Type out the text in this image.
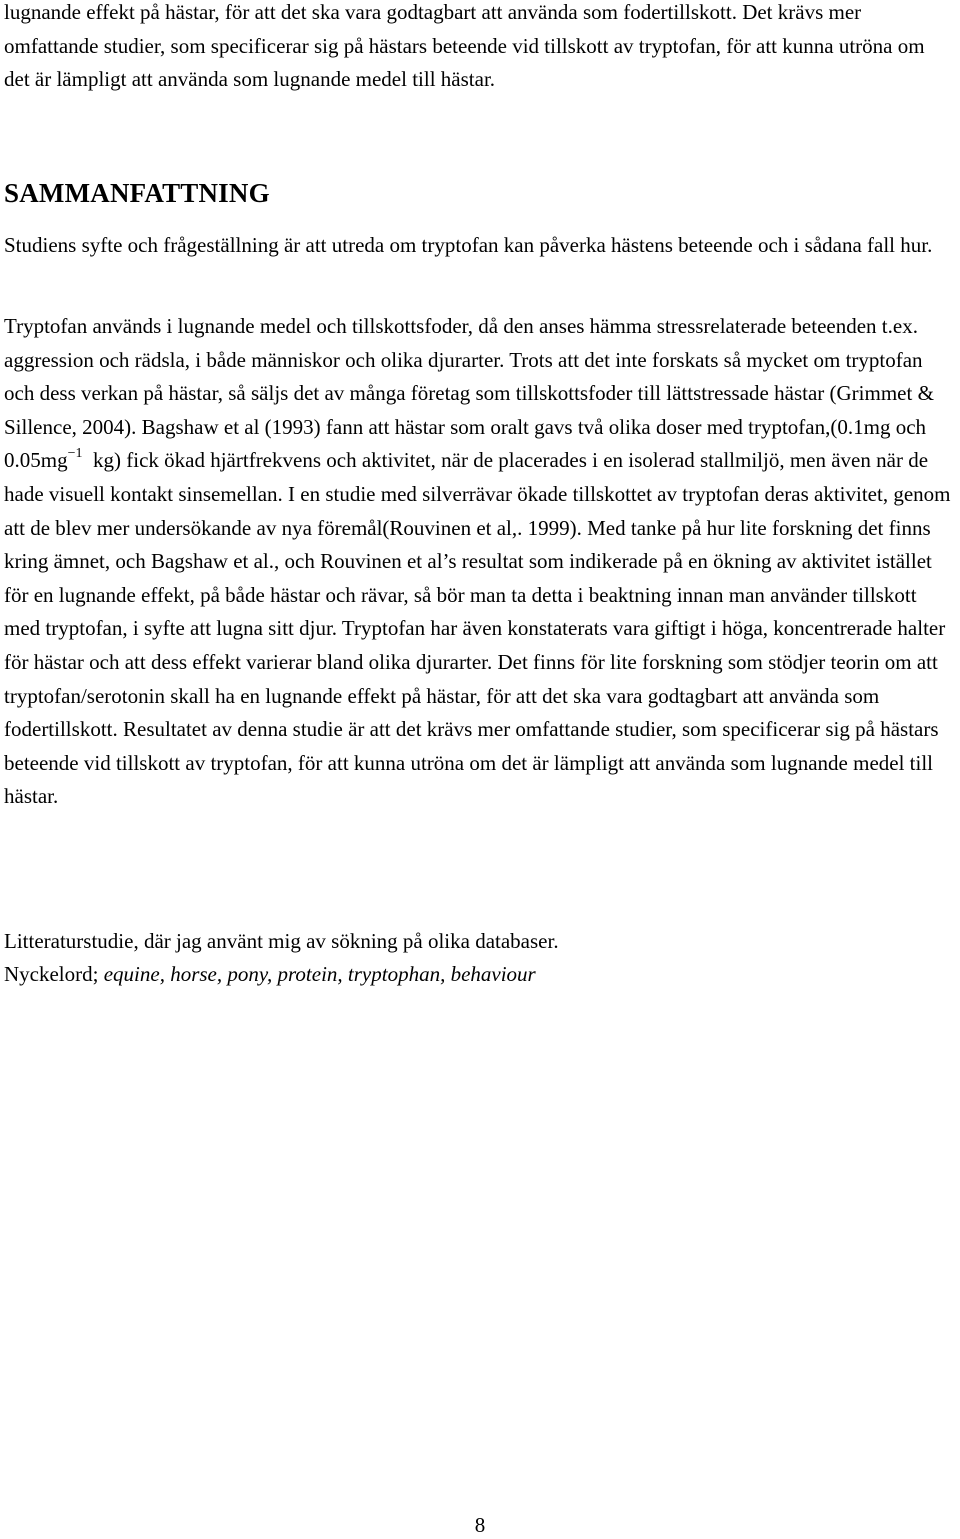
lugnande effekt på hästar, för att det ska vara godtagbart att använda som fodertillskott. Det krävs mer omfattande studier, som specificerar sig på hästars beteende vid tillskott av tryptofan, för att kunna utröna om det är lämpligt att använda som lugnande medel till hästar.

SAMMANFATTNING

Studiens syfte och frågeställning är att utreda om tryptofan kan påverka hästens beteende och i sådana fall hur.

Tryptofan används i lugnande medel och tillskottsfoder, då den anses hämma stressrelaterade beteenden t.ex. aggression och rädsla, i både människor och olika djurarter. Trots att det inte forskats så mycket om tryptofan och dess verkan på hästar, så säljs det av många företag som tillskottsfoder till lättstressade hästar (Grimmet & Sillence, 2004). Bagshaw et al (1993) fann att hästar som oralt gavs två olika doser med tryptofan,(0.1mg och $0.05mg^{-1}$  kg) fick ökad hjärtfrekvens och aktivitet, när de placerades i en isolerad stallmiljö, men även när de hade visuell kontakt sinsemellan. I en studie med silverrävar ökade tillskottet av tryptofan deras aktivitet, genom att de blev mer undersökande av nya föremål(Rouvinen et al,. 1999). Med tanke på hur lite forskning det finns kring ämnet, och Bagshaw et al., och Rouvinen et al’s resultat som indikerade på en ökning av aktivitet istället för en lugnande effekt, på både hästar och rävar, så bör man ta detta i beaktning innan man använder tillskott med tryptofan, i syfte att lugna sitt djur. Tryptofan har även konstaterats vara giftigt i höga, koncentrerade halter för hästar och att dess effekt varierar bland olika djurarter. Det finns för lite forskning som stödjer teorin om att tryptofan/serotonin skall ha en lugnande effekt på hästar, för att det ska vara godtagbart att använda som fodertillskott. Resultatet av denna studie är att det krävs mer omfattande studier, som specificerar sig på hästars beteende vid tillskott av tryptofan, för att kunna utröna om det är lämpligt att använda som lugnande medel till hästar.

Litteraturstudie, där jag använt mig av sökning på olika databaser.

Nyckelord; equine, horse, pony, protein, tryptophan, behaviour

8
